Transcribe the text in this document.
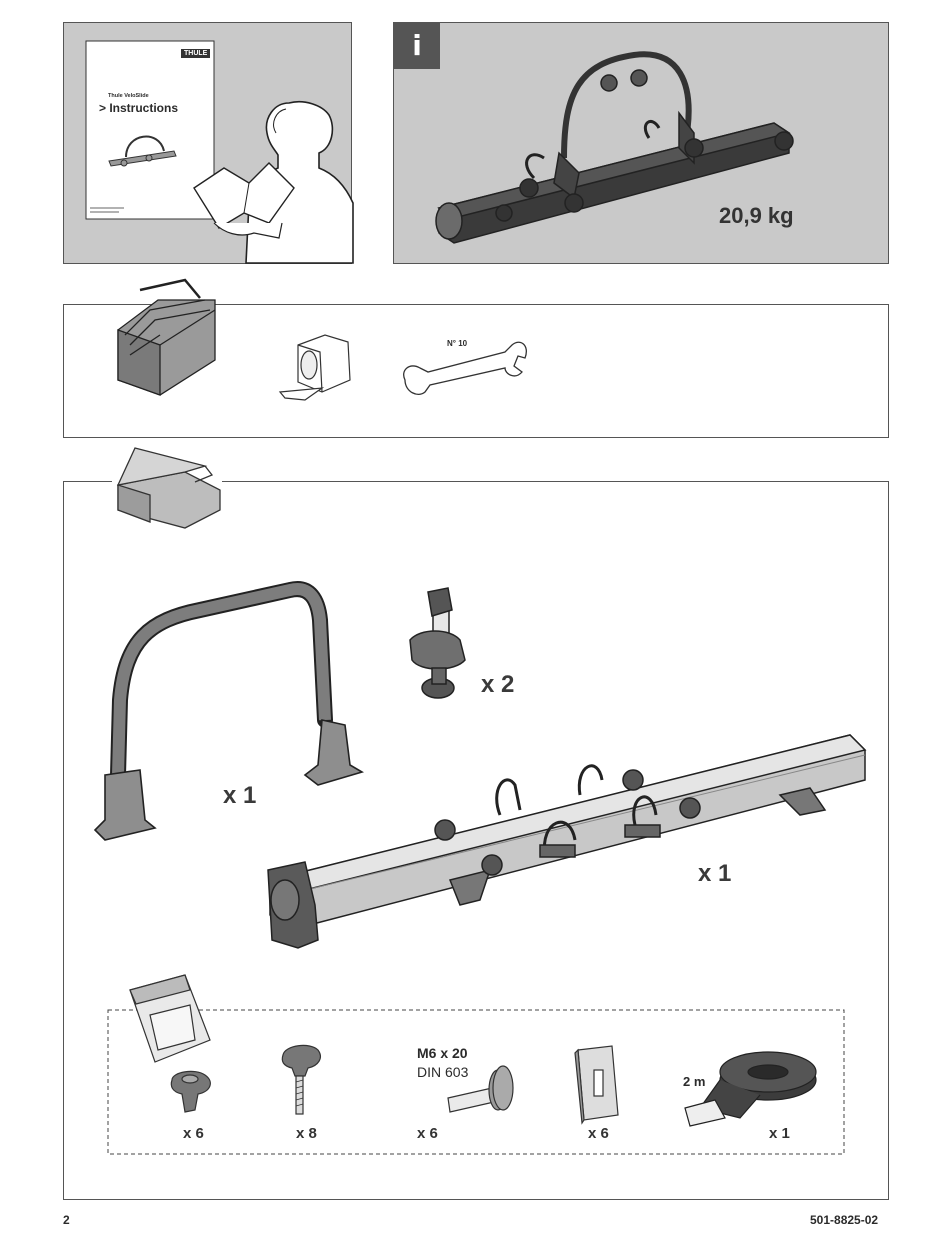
THULE
Thule VeloSlide
> Instructions
i
20,9 kg
N° 10
x 1
x 2
x 1
x 6	x 8
M6 x 20
DIN 603
x 6	x 6
2 m
x 1
2	501-8825-02
